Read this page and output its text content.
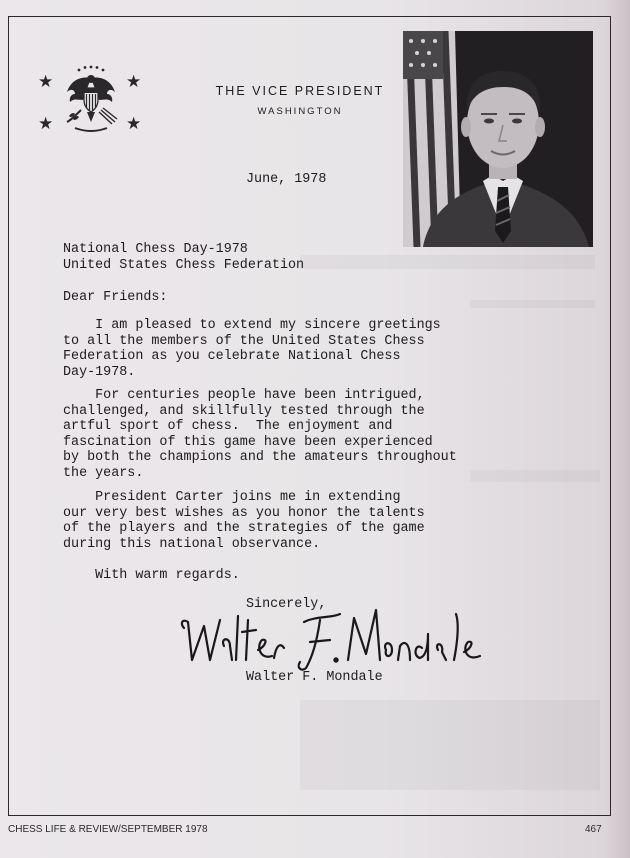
★	★
★	★
THE VICE PRESIDENT
WASHINGTON
June, 1978
National Chess Day-1978
United States Chess Federation
Dear Friends:
I am pleased to extend my sincere greetings
to all the members of the United States Chess
Federation as you celebrate National Chess
Day-1978.
For centuries people have been intrigued,
challenged, and skillfully tested through the
artful sport of chess.  The enjoyment and
fascination of this game have been experienced
by both the champions and the amateurs throughout
the years.
President Carter joins me in extending
our very best wishes as you honor the talents
of the players and the strategies of the game
during this national observance.
With warm regards.
Sincerely,
Walter F. Mondale
CHESS LIFE & REVIEW/SEPTEMBER 1978	467
